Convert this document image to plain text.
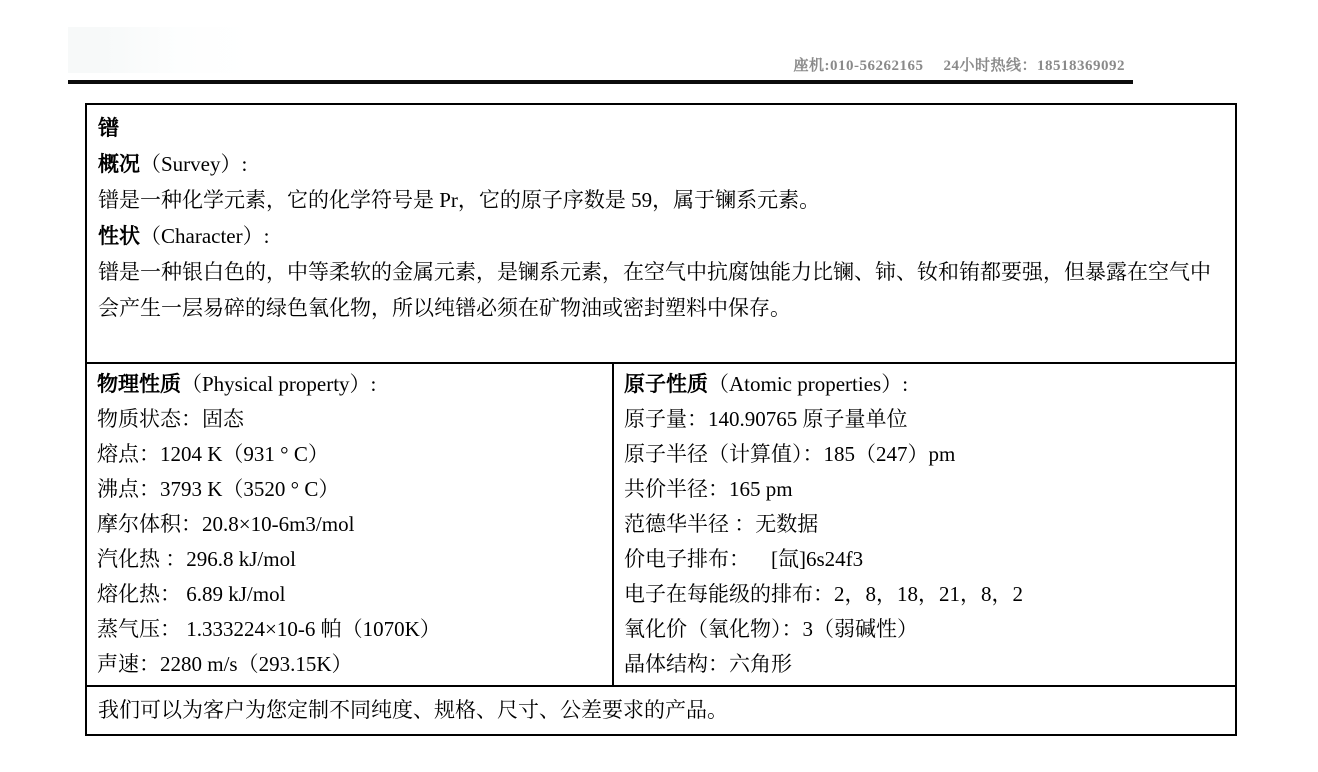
座机:010-56262165 24小时热线：18518369092
镨
概况（Survey）:
镨是一种化学元素，它的化学符号是 Pr，它的原子序数是 59，属于镧系元素。
性状（Character）:
镨是一种银白色的，中等柔软的金属元素，是镧系元素，在空气中抗腐蚀能力比镧、铈、钕和铕都要强，但暴露在空气中会产生一层易碎的绿色氧化物，所以纯镨必须在矿物油或密封塑料中保存。
物理性质（Physical property）:
物质状态：固态
熔点：1204 K（931 ° C）
沸点：3793 K（3520 ° C）
摩尔体积：20.8×10-6m3/mol
汽化热 ：296.8 kJ/mol
熔化热： 6.89 kJ/mol
蒸气压： 1.333224×10-6 帕（1070K）
声速：2280 m/s（293.15K）
原子性质（Atomic properties）:
原子量：140.90765 原子量单位
原子半径（计算值）：185（247）pm
共价半径：165 pm
范德华半径 ：无数据
价电子排布：    [氙]6s24f3
电子在每能级的排布：2，8，18，21，8，2
氧化价（氧化物）：3（弱碱性）
晶体结构：六角形
我们可以为客户为您定制不同纯度、规格、尺寸、公差要求的产品。
